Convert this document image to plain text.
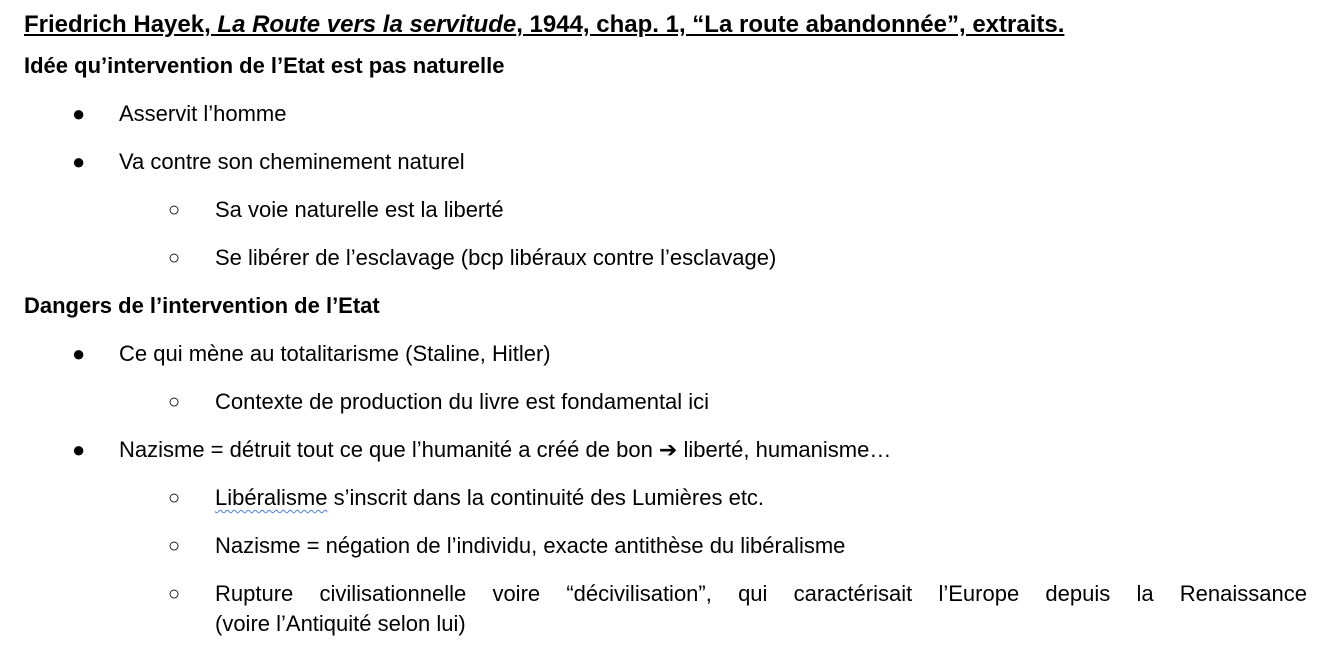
Friedrich Hayek, La Route vers la servitude, 1944, chap. 1, “La route abandonnée”, extraits.
Idée qu’intervention de l’Etat est pas naturelle
● Asservit l’homme
● Va contre son cheminement naturel
○ Sa voie naturelle est la liberté
○ Se libérer de l’esclavage (bcp libéraux contre l’esclavage)
Dangers de l’intervention de l’Etat
● Ce qui mène au totalitarisme (Staline, Hitler)
○ Contexte de production du livre est fondamental ici
● Nazisme = détruit tout ce que l’humanité a créé de bon ➔ liberté, humanisme…
○ Libéralisme s’inscrit dans la continuité des Lumières etc.
○ Nazisme = négation de l’individu, exacte antithèse du libéralisme
○ Rupture civilisationnelle voire “décivilisation”, qui caractérisait l’Europe depuis la Renaissance
(voire l’Antiquité selon lui)
